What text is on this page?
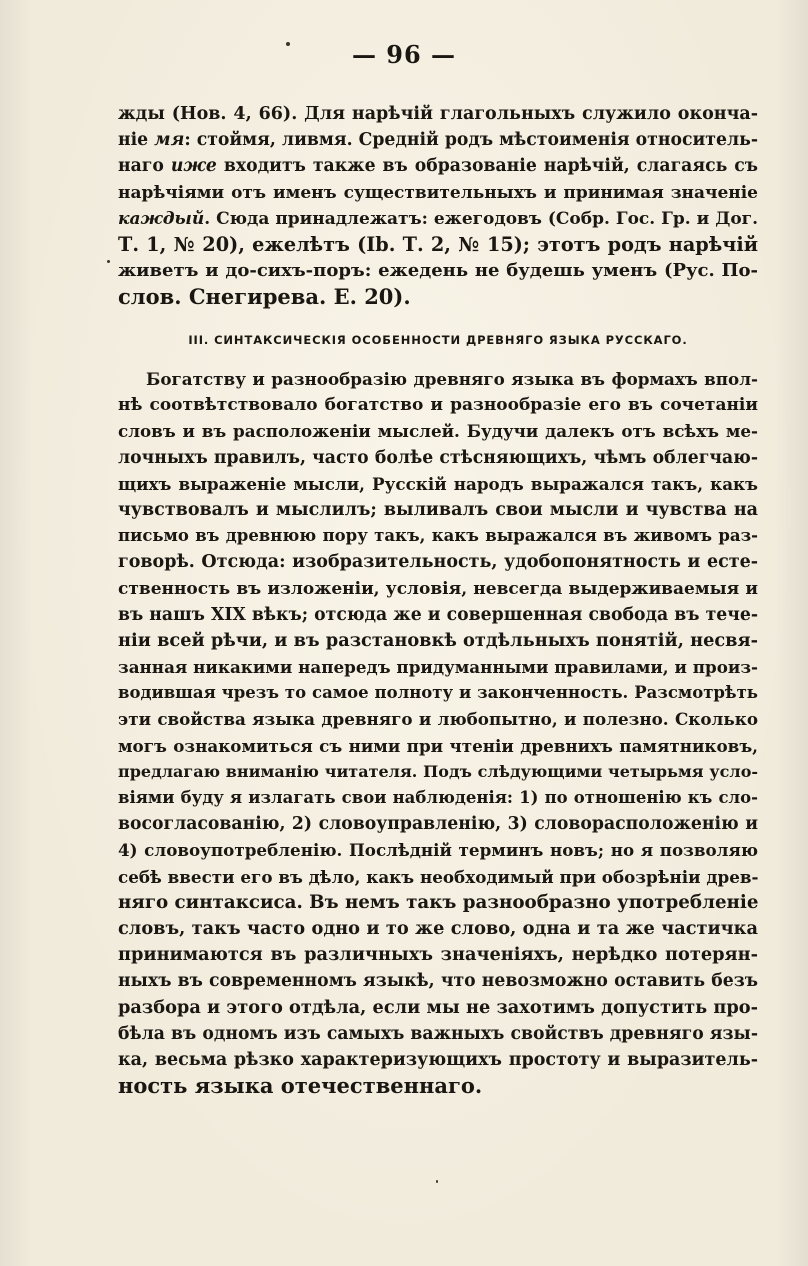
— 96 —
жды (Нов. 4, 66). Для нарѣчій глагольныхъ служило оконча-
ніе мя: стоймя, ливмя. Средній родъ мѣстоименія относитель-
наго иже входитъ также въ образованіе нарѣчій, слагаясь съ
нарѣчіями отъ именъ существительныхъ и принимая значеніе
каждый. Сюда принадлежатъ: ежегодовъ (Собр. Гос. Гр. и Дог.
Т. 1, № 20), ежелѣтъ (Ib. Т. 2, № 15); этотъ родъ нарѣчій
живетъ и до-сихъ-поръ: ежедень не будешь уменъ (Рус. По-
слов. Снегирева. Е. 20).
III. СИНТАКСИЧЕСКІЯ ОСОБЕННОСТИ ДРЕВНЯГО ЯЗЫКА РУССКАГО.
Богатству и разнообразію древняго языка въ формахъ впол-
нѣ соотвѣтствовало богатство и разнообразіе его въ сочетаніи
словъ и въ расположеніи мыслей. Будучи далекъ отъ всѣхъ ме-
лочныхъ правилъ, часто болѣе стѣсняющихъ, чѣмъ облегчаю-
щихъ выраженіе мысли, Русскій народъ выражался такъ, какъ
чувствовалъ и мыслилъ; выливалъ свои мысли и чувства на
письмо въ древнюю пору такъ, какъ выражался въ живомъ раз-
говорѣ. Отсюда: изобразительность, удобопонятность и есте-
ственность въ изложеніи, условія, невсегда выдерживаемыя и
въ нашъ XIX вѣкъ; отсюда же и совершенная свобода въ тече-
ніи всей рѣчи, и въ разстановкѣ отдѣльныхъ понятій, несвя-
занная никакими напередъ придуманными правилами, и произ-
водившая чрезъ то самое полноту и законченность. Разсмотрѣть
эти свойства языка древняго и любопытно, и полезно. Сколько
могъ ознакомиться съ ними при чтеніи древнихъ памятниковъ,
предлагаю вниманію читателя. Подъ слѣдующими четырьмя усло-
віями буду я излагать свои наблюденія: 1) по отношенію къ сло-
восогласованію, 2) словоуправленію, 3) словорасположенію и
4) словоупотребленію. Послѣдній терминъ новъ; но я позволяю
себѣ ввести его въ дѣло, какъ необходимый при обозрѣніи древ-
няго синтаксиса. Въ немъ такъ разнообразно употребленіе
словъ, такъ часто одно и то же слово, одна и та же частичка
принимаются въ различныхъ значеніяхъ, нерѣдко потерян-
ныхъ въ современномъ языкѣ, что невозможно оставить безъ
разбора и этого отдѣла, если мы не захотимъ допустить про-
бѣла въ одномъ изъ самыхъ важныхъ свойствъ древняго язы-
ка, весьма рѣзко характеризующихъ простоту и выразитель-
ность языка отечественнаго.
